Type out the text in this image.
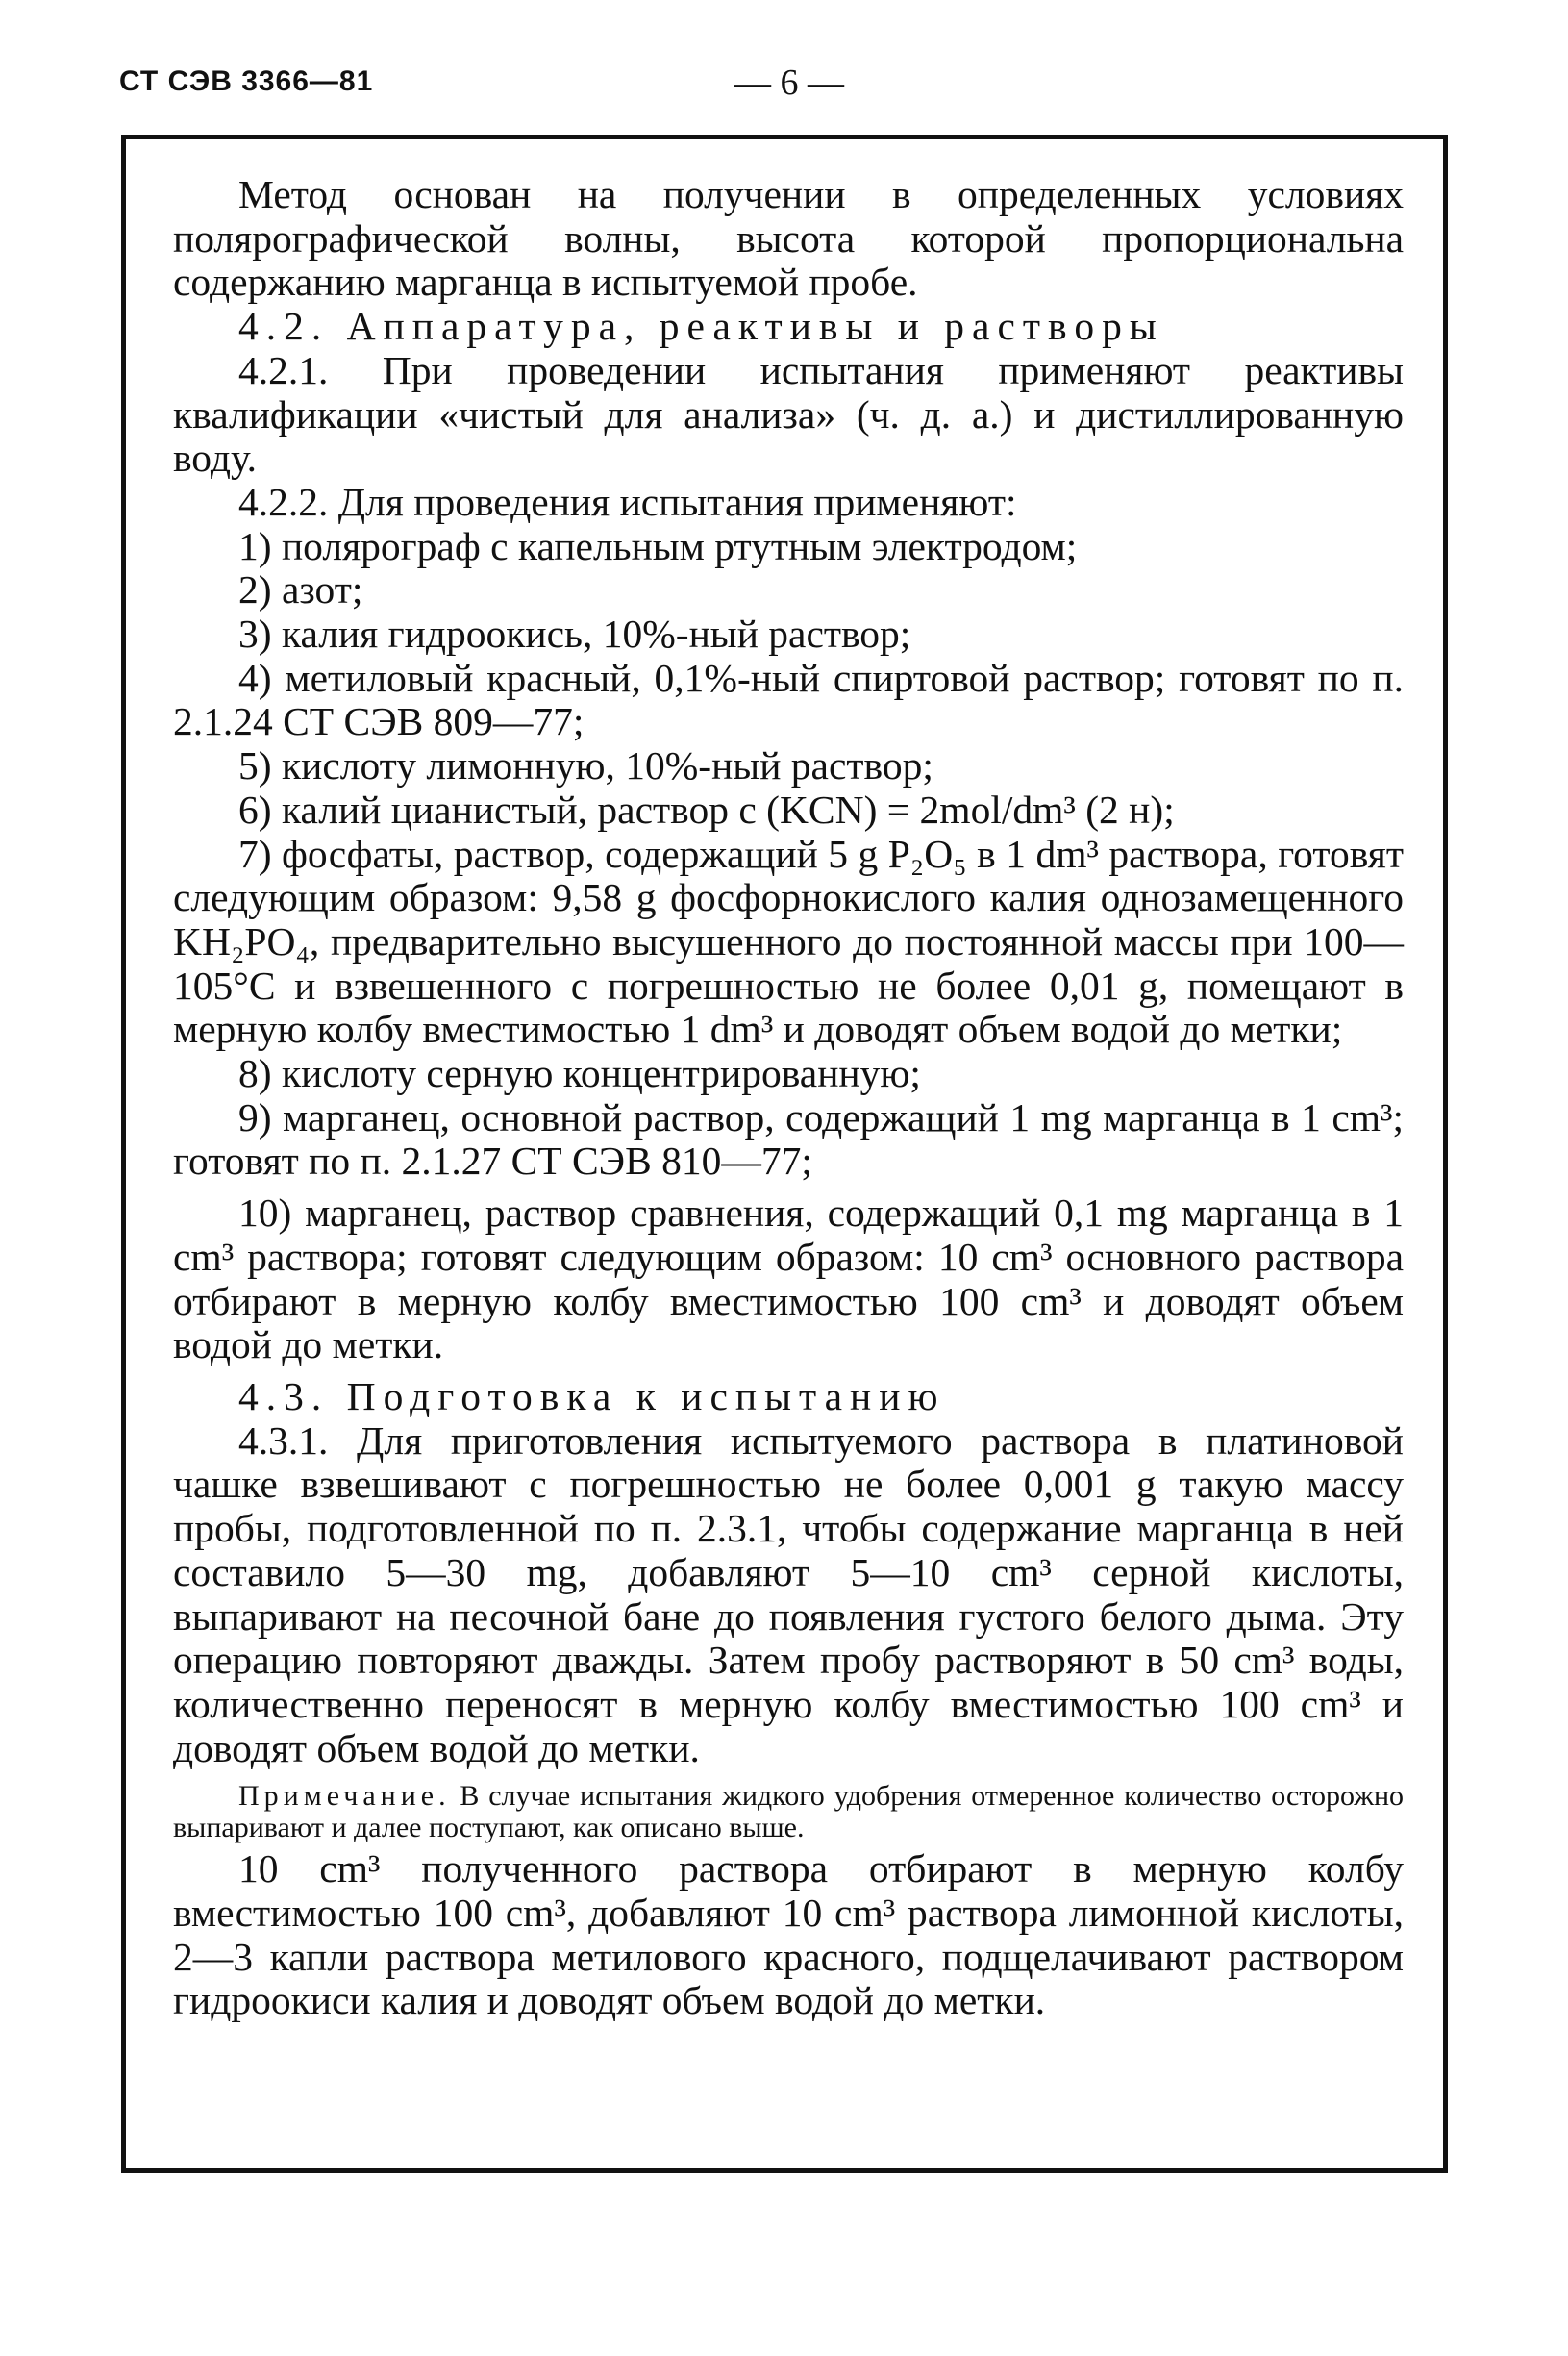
СТ СЭВ 3366—81	— 6 —

Метод основан на получении в определенных условиях полярографической волны, высота которой пропорциональна содержанию марганца в испытуемой пробе.

4.2. Аппаратура, реактивы и растворы

4.2.1. При проведении испытания применяют реактивы квалификации «чистый для анализа» (ч. д. а.) и дистиллированную воду.

4.2.2. Для проведения испытания применяют:

1) полярограф с капельным ртутным электродом;

2) азот;

3) калия гидроокись, 10%-ный раствор;

4) метиловый красный, 0,1%-ный спиртовой раствор; готовят по п. 2.1.24 СТ СЭВ 809—77;

5) кислоту лимонную, 10%-ный раствор;

6) калий цианистый, раствор c (KCN) = 2mol/dm³ (2 н);

7) фосфаты, раствор, содержащий 5 g P₂O₅ в 1 dm³ раствора, готовят следующим образом: 9,58 g фосфорнокислого калия однозамещенного KH₂PO₄, предварительно высушенного до постоянной массы при 100—105°C и взвешенного с погрешностью не более 0,01 g, помещают в мерную колбу вместимостью 1 dm³ и доводят объем водой до метки;

8) кислоту серную концентрированную;

9) марганец, основной раствор, содержащий 1 mg марганца в 1 cm³; готовят по п. 2.1.27 СТ СЭВ 810—77;

10) марганец, раствор сравнения, содержащий 0,1 mg марганца в 1 cm³ раствора; готовят следующим образом: 10 cm³ основного раствора отбирают в мерную колбу вместимостью 100 cm³ и доводят объем водой до метки.

4.3. Подготовка к испытанию

4.3.1. Для приготовления испытуемого раствора в платиновой чашке взвешивают с погрешностью не более 0,001 g такую массу пробы, подготовленной по п. 2.3.1, чтобы содержание марганца в ней составило 5—30 mg, добавляют 5—10 cm³ серной кислоты, выпаривают на песочной бане до появления густого белого дыма. Эту операцию повторяют дважды. Затем пробу растворяют в 50 cm³ воды, количественно переносят в мерную колбу вместимостью 100 cm³ и доводят объем водой до метки.

Примечание. В случае испытания жидкого удобрения отмеренное количество осторожно выпаривают и далее поступают, как описано выше.

10 cm³ полученного раствора отбирают в мерную колбу вместимостью 100 cm³, добавляют 10 cm³ раствора лимонной кислоты, 2—3 капли раствора метилового красного, подщелачивают раствором гидроокиси калия и доводят объем водой до метки.
